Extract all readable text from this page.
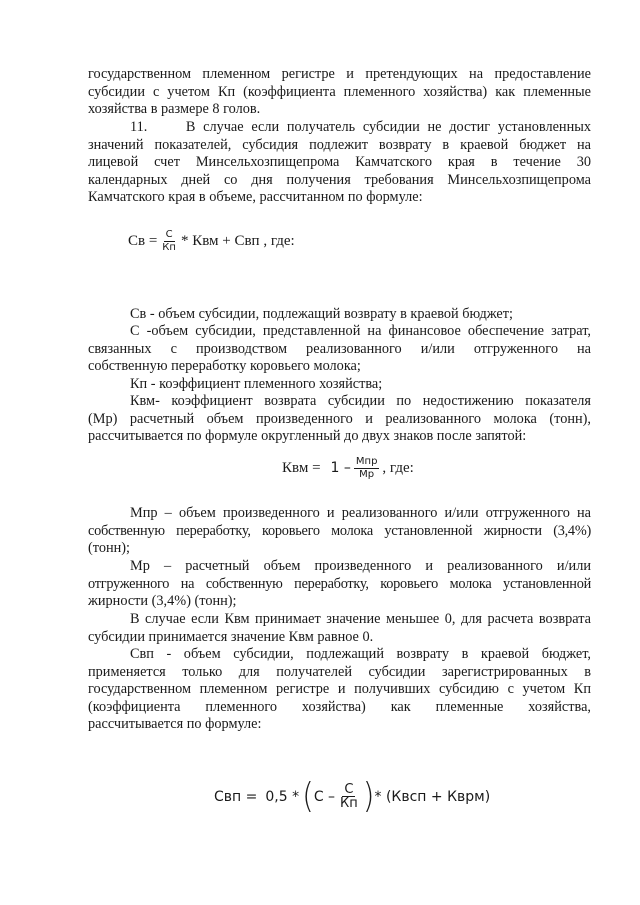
государственном племенном регистре и претендующих на предоставление
субсидии с учетом Кп (коэффициента племенного хозяйства) как племенные
хозяйства в размере 8 голов.
11.     В случае если получатель субсидии не достиг установленных
значений показателей, субсидия подлежит возврату в краевой бюджет на
лицевой счет Минсельхозпищепрома Камчатского края в течение 30
календарных дней со дня получения требования Минсельхозпищепрома
Камчатского края в объеме, рассчитанном по формуле:
Св = $\frac{С}{Кп}$ * Квм + Свп , где:
Св - объем субсидии, подлежащий возврату в краевой бюджет;
С -объем субсидии, представленной на финансовое обеспечение затрат,
связанных с производством реализованного и/или отгруженного на
собственную переработку коровьего молока;
Кп - коэффициент племенного хозяйства;
Квм- коэффициент возврата субсидии по недостижению показателя
(Мр) расчетный объем произведенного и реализованного молока (тонн),
рассчитывается по формуле округленный до двух знаков после запятой:
Квм = $1 - \frac{\text{Мпр}}{Мр}$ , где:
Мпр – объем произведенного и реализованного и/или отгруженного на
собственную переработку, коровьего молока установленной жирности (3,4%)
(тонн);
Мр – расчетный объем произведенного и реализованного и/или
отгруженного на собственную переработку, коровьего молока установленной
жирности (3,4%) (тонн);
В случае если Квм принимает значение меньшее 0, для расчета возврата
субсидии принимается значение Квм равное 0.
Свп - объем субсидии, подлежащий возврату в краевой бюджет,
применяется только для получателей субсидии зарегистрированных в
государственном племенном регистре и получивших субсидию с учетом Кп
(коэффициента племенного хозяйства) как племенные хозяйства,
рассчитывается по формуле:
Свп = 0,5 * ( С – $\frac{С}{Кп}$ ) * (Квсп + Кврм)
